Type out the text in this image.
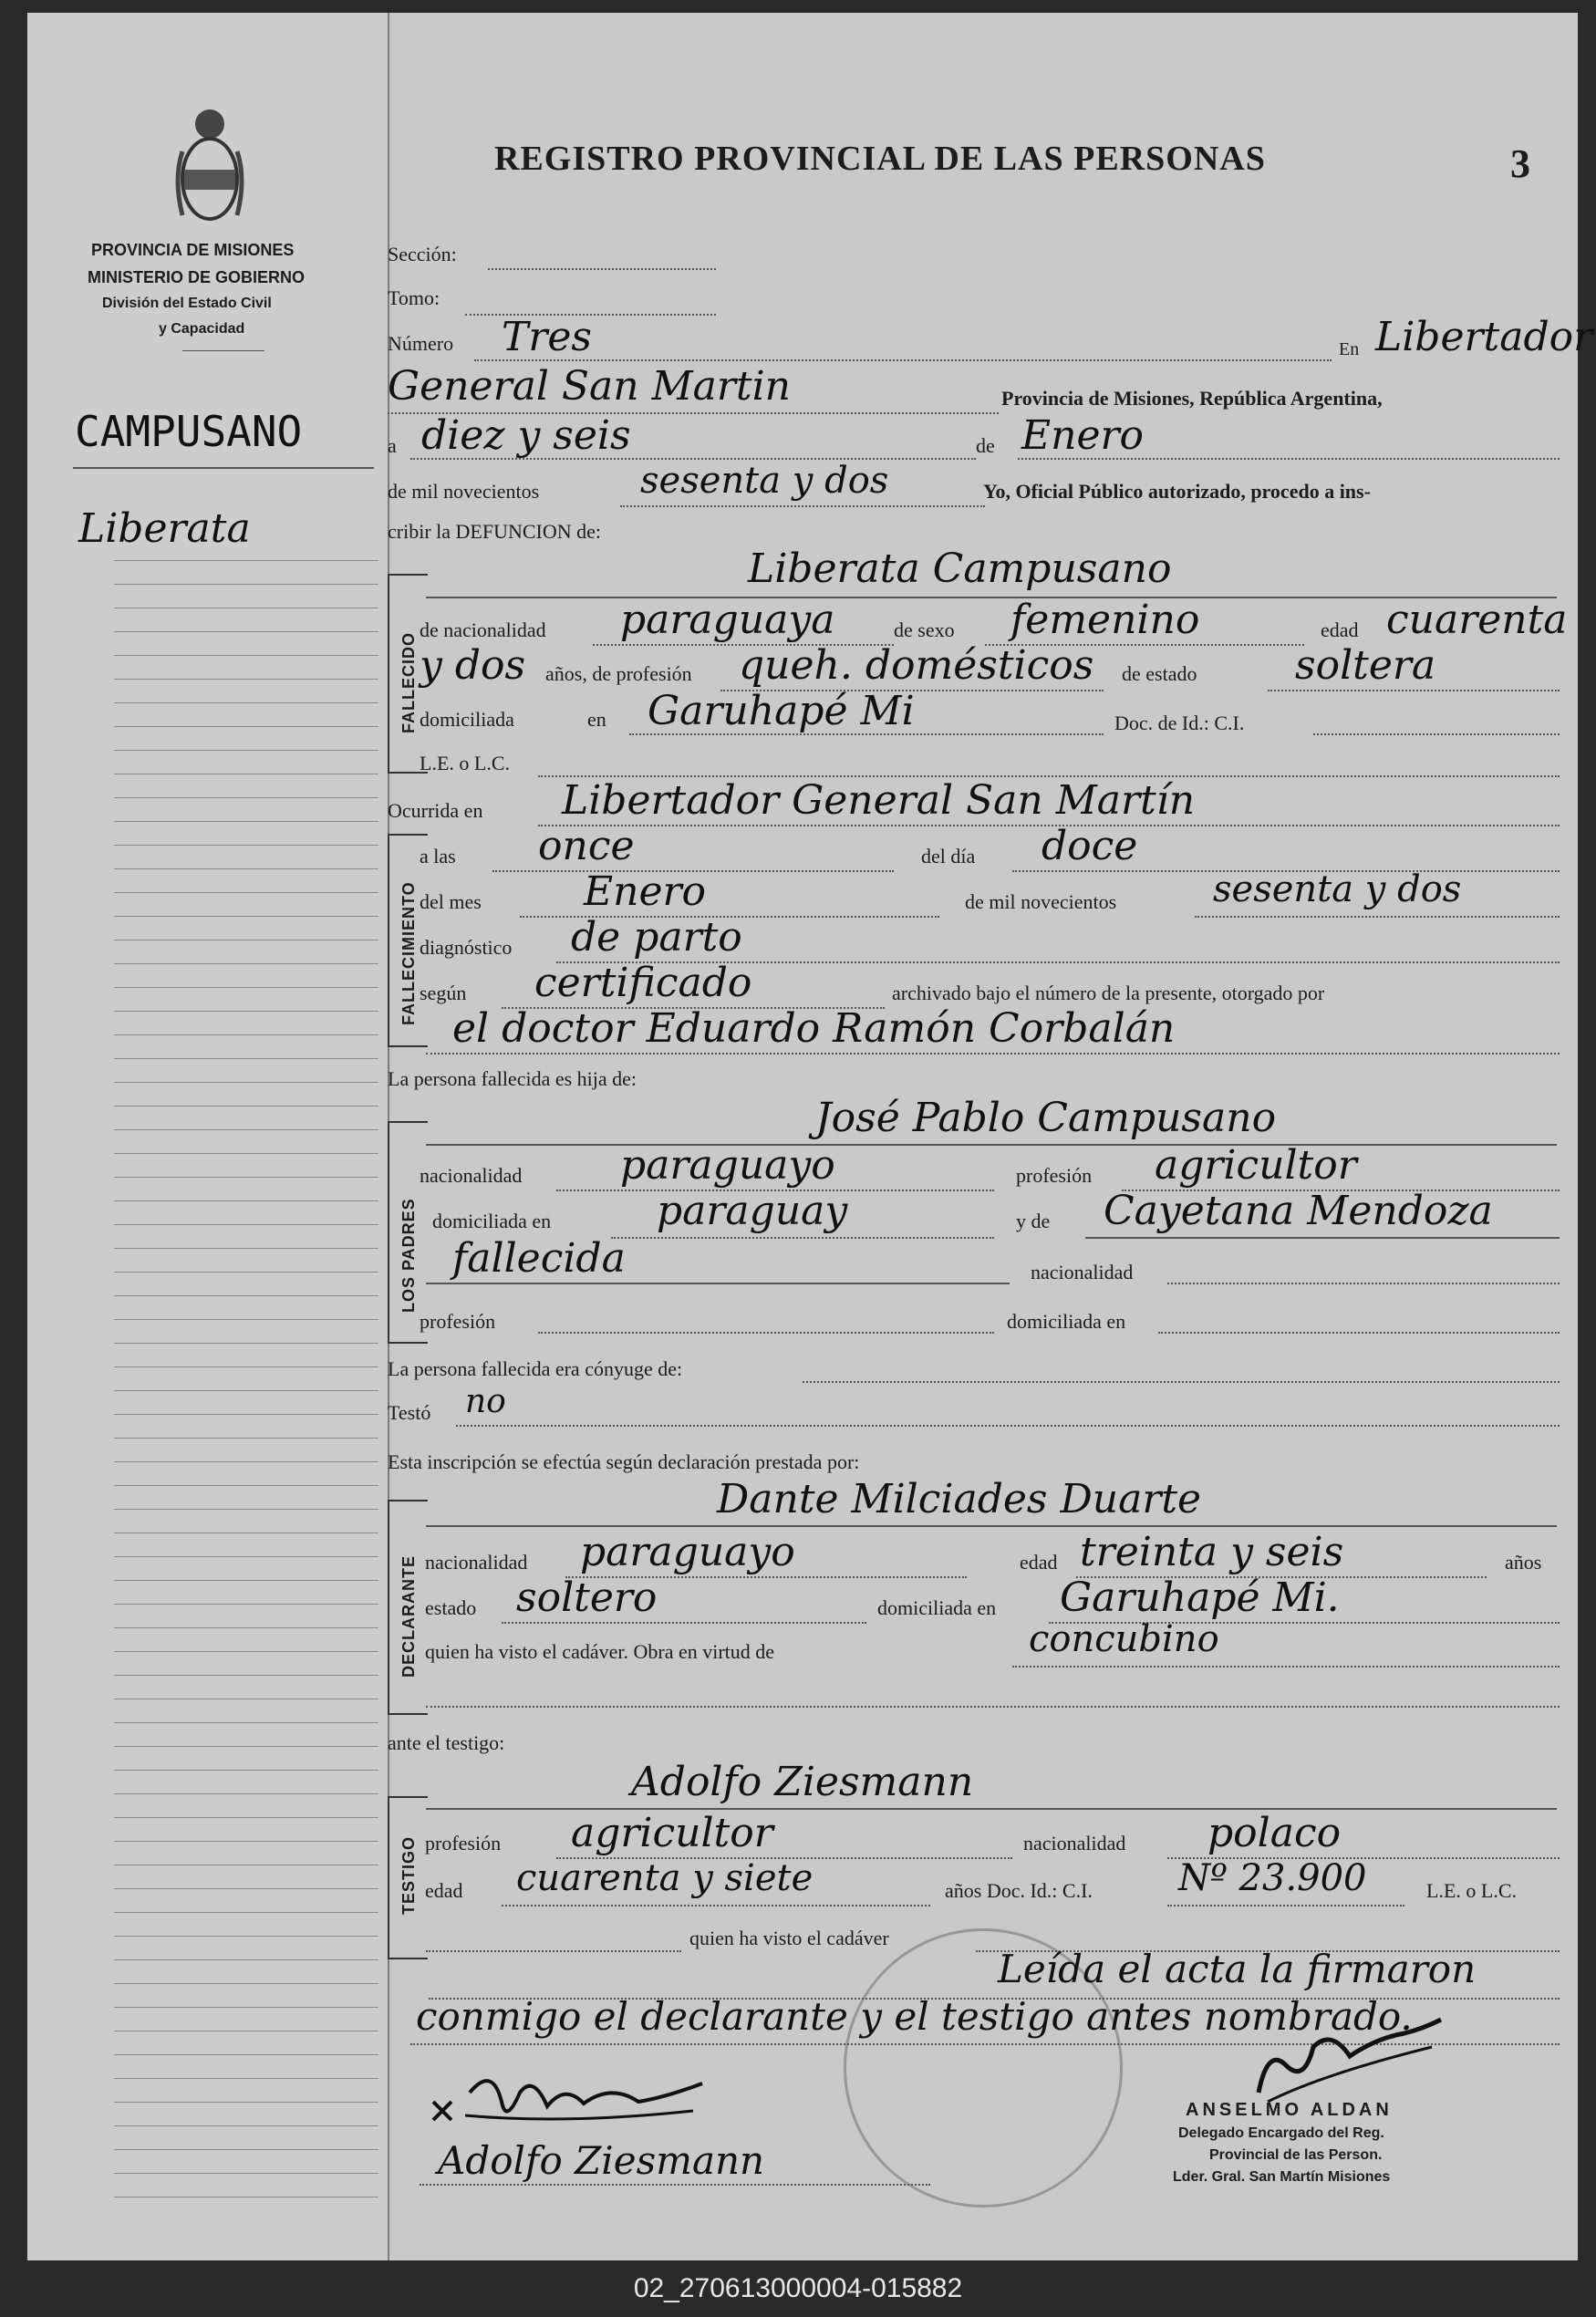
PROVINCIA DE MISIONES
MINISTERIO DE GOBIERNO
División del Estado Civil
y Capacidad
CAMPUSANO
Liberata
REGISTRO PROVINCIAL DE LAS PERSONAS	3
Sección:
Tomo:
Número Tres	En Libertador
General San Martin	Provincia de Misiones, República Argentina,
a diez y seis	de Enero
de mil novecientos	sesenta y dos	Yo, Oficial Público autorizado, procedo a ins-
cribir la DEFUNCION de:
FALLECIDO
Liberata Campusano
de nacionalidad paraguaya	de sexo femenino	edad cuarenta
y dos años, de profesión queh. domésticos de estado soltera
domiciliada	en Garuhapé Mi	Doc. de Id.: C.I.
L.E. o L.C.
Ocurrida en Libertador General San Martín
FALLECIMIENTO
a las once	del día doce
del mes	Enero	de mil novecientos	sesenta y dos
diagnóstico de parto
según certificado	archivado bajo el número de la presente, otorgado por
el doctor Eduardo Ramón Corbalán
La persona fallecida es hija de:
LOS PADRES
José Pablo Campusano
nacionalidad paraguayo	profesión agricultor
domiciliada en	paraguay	y de Cayetana Mendoza
fallecida	nacionalidad
profesión	domiciliada en
La persona fallecida era cónyuge de:
Testó no
Esta inscripción se efectúa según declaración prestada por:
DECLARANTE
Dante Milciades Duarte
nacionalidad paraguayo	edad treinta y seis	años
estado soltero	domiciliada en Garuhapé Mi.
quien ha visto el cadáver. Obra en virtud de	concubino
ante el testigo:
TESTIGO
Adolfo Ziesmann
profesión agricultor	nacionalidad polaco
edad cuarenta y siete	años Doc. Id.: C.I. Nº 23.900	L.E. o L.C.
quien ha visto el cadáver
Leída el acta la firmaron
conmigo el declarante y el testigo antes nombrado.
ANSELMO ALDAN
Delegado Encargado del Reg.
Provincial de las Person.
Lder. Gral. San Martín Misiones
Adolfo Ziesmann
02_270613000004-015882
